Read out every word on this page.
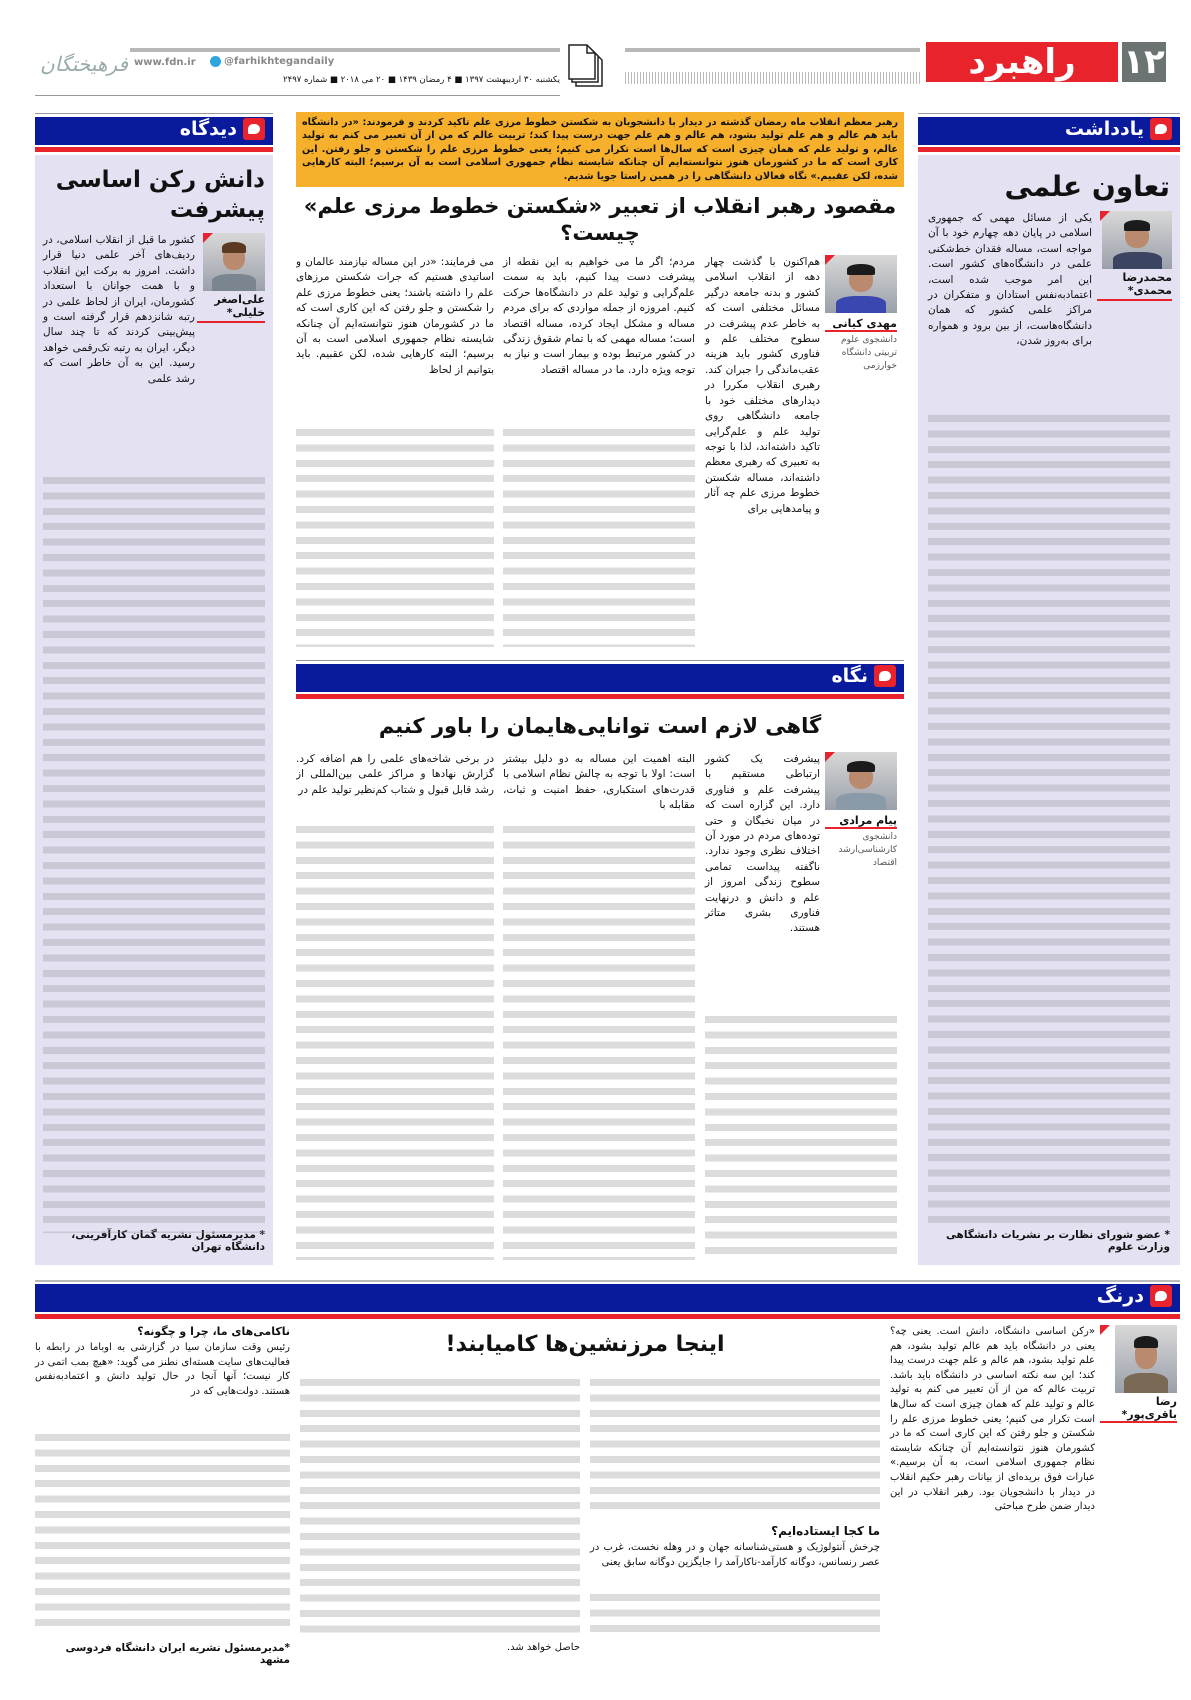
۱۲
راهبرد
www.fdn.ir	@farhikhtegandaily
یکشنبه ۳۰ اردیبهشت ۱۳۹۷ ■ ۴ رمضان ۱۴۳۹ ■ ۲۰ می ۲۰۱۸ ■ شماره ۲۴۹۷
فرهیختگان
یادداشت
تعاون علمی
محمدرضا محمدی*
یکی از مسائل مهمی که جمهوری اسلامی در پایان دهه چهارم خود با آن مواجه است، مساله فقدان خط‌شکنی علمی در دانشگاه‌های کشور است. این امر موجب شده است، اعتمادبه‌نفس استادان و متفکران در مراکز علمی کشور که همان دانشگاه‌هاست، از بین برود و همواره برای به‌روز شدن،
* عضو شورای نظارت بر نشریات دانشگاهی وزارت علوم
دیدگاه
دانش رکن اساسی پیشرفت
علی‌اصغر خلیلی*
کشور ما قبل از انقلاب اسلامی، در ردیف‌های آخر علمی دنیا قرار داشت. امروز به برکت این انقلاب و با همت جوانان با استعداد کشورمان، ایران از لحاظ علمی در رتبه شانزدهم قرار گرفته است و پیش‌بینی کردند که تا چند سال دیگر، ایران به رتبه تک‌رقمی خواهد رسید. این به آن خاطر است که رشد علمی
* مدیرمسئول نشریه گمان کارآفرینی، دانشگاه تهران
رهبر معظم انقلاب ماه رمضان گذشته در دیدار با دانشجویان به شکستن خطوط مرزی علم تاکید کردند و فرمودند: «در دانشگاه باید هم عالم و هم علم تولید بشود، هم عالم و هم علم جهت درست پیدا کند؛ تربیت عالم که من از آن تعبیر می کنم به تولید عالم، و تولید علم که همان چیزی است که سال‌ها است تکرار می کنیم؛ یعنی خطوط مرزی علم را شکستن و جلو رفتن. این کاری است که ما در کشورمان هنوز نتوانسته‌ایم آن چنانکه شایسته نظام جمهوری اسلامی است به آن برسیم؛ البته کارهایی شده، لکن عقبیم.» نگاه فعالان دانشگاهی را در همین راستا جویا شدیم.
مقصود رهبر انقلاب از تعبیر «شکستن خطوط مرزی علم» چیست؟
مهدی کیانی
دانشجوی علوم تربیتی دانشگاه خوارزمی
هم‌اکنون با گذشت چهار دهه از انقلاب اسلامی کشور و بدنه جامعه درگیر مسائل مختلفی است که به خاطر عدم پیشرفت در سطوح مختلف علم و فناوری کشور باید هزینه عقب‌ماندگی را جبران کند. رهبری انقلاب مکررا در دیدارهای مختلف خود با جامعه دانشگاهی روی تولید علم و علم‌گرایی تاکید داشته‌اند، لذا با توجه به تعبیری که رهبری معظم داشته‌اند، مساله شکستن خطوط مرزی علم چه آثار و پیامدهایی برای
مردم؛ اگر ما می خواهیم به این نقطه از پیشرفت دست پیدا کنیم، باید به سمت علم‌گرایی و تولید علم در دانشگاه‌ها حرکت کنیم. امروزه از جمله مواردی که برای مردم مساله و مشکل ایجاد کرده، مساله اقتصاد است؛ مساله مهمی که با تمام شقوق زندگی در کشور مرتبط بوده و بیمار است و نیاز به توجه ویژه دارد. ما در مساله اقتصاد
می فرمایند: «در این مساله نیازمند عالمان و اساتیدی هستیم که جرات شکستن مرزهای علم را داشته باشند؛ یعنی خطوط مرزی علم را شکستن و جلو رفتن که این کاری است که ما در کشورمان هنوز نتوانسته‌ایم آن چنانکه شایسته نظام جمهوری اسلامی است به آن برسیم؛ البته کارهایی شده، لکن عقبیم. باید بتوانیم از لحاظ
نگاه
گاهی لازم است توانایی‌هایمان را باور کنیم
پیام مرادی
دانشجوی کارشناسی‌ارشد اقتصاد
پیشرفت یک کشور ارتباطی مستقیم با پیشرفت علم و فناوری دارد. این گزاره است که در میان نخبگان و حتی توده‌های مردم در مورد آن اختلاف نظری وجود ندارد. ناگفته پیداست تمامی سطوح زندگی امروز از علم و دانش و درنهایت فناوری بشری متاثر هستند.
البته اهمیت این مساله به دو دلیل بیشتر است: اولا با توجه به چالش نظام اسلامی با قدرت‌های استکباری، حفظ امنیت و ثبات، مقابله با
در برخی شاخه‌های علمی را هم اضافه کرد. گزارش نهادها و مراکز علمی بین‌المللی از رشد قابل قبول و شتاب کم‌نظیر تولید علم در
درنگ
رضا باقری‌پور*
«رکن اساسی دانشگاه، دانش است. یعنی چه؟ یعنی در دانشگاه باید هم عالم تولید بشود، هم علم تولید بشود، هم عالم و علم جهت درست پیدا کند؛ این سه نکته اساسی در دانشگاه باید باشد. تربیت عالم که من از آن تعبیر می کنم به تولید عالم و تولید علم که همان چیزی است که سال‌ها است تکرار می کنیم؛ یعنی خطوط مرزی علم را شکستن و جلو رفتن که این کاری است که ما در کشورمان هنوز نتوانسته‌ایم آن چنانکه شایسته نظام جمهوری اسلامی است، به آن برسیم.» عبارات فوق بریده‌ای از بیانات رهبر حکیم انقلاب در دیدار با دانشجویان بود. رهبر انقلاب در این دیدار ضمن طرح مباحثی
اینجا مرزنشین‌ها کامیابند!
ما کجا ایستاده‌ایم؟
چرخش آنتولوژیک و هستی‌شناسانه جهان و در وهله نخست، غرب در عصر رنسانس، دوگانه کارآمد-ناکارآمد را جایگزین دوگانه سابق یعنی
حاصل خواهد شد.
ناکامی‌های ما، چرا و چگونه؟
رئیس وقت سازمان سیا در گزارشی به اوباما در رابطه با فعالیت‌های سایت هسته‌ای نطنز می گوید: «هیچ بمب اتمی در کار نیست؛ آنها آنجا در حال تولید دانش و اعتمادبه‌نفس هستند. دولت‌هایی که در
*مدیرمسئول نشریه ایران دانشگاه فردوسی مشهد
